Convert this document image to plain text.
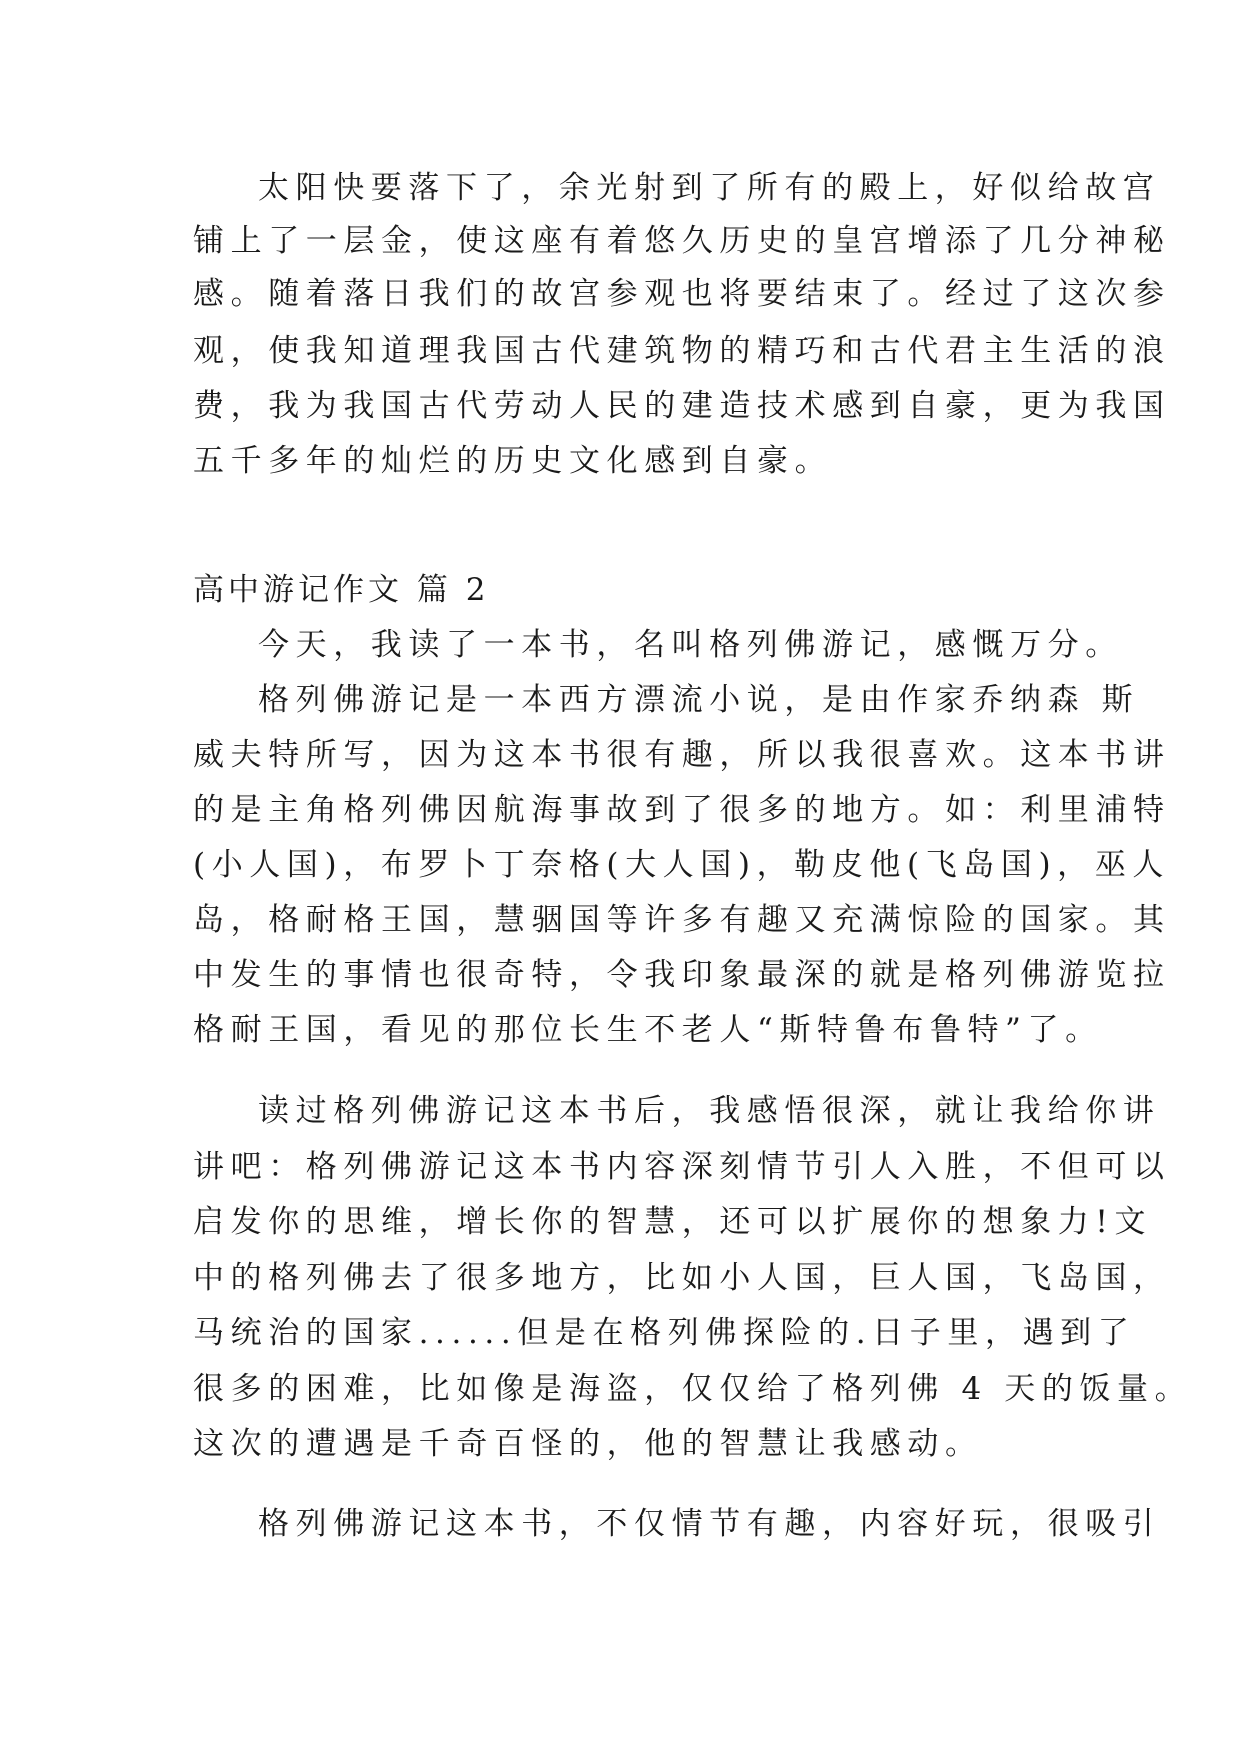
太阳快要落下了，余光射到了所有的殿上，好似给故宫
铺上了一层金，使这座有着悠久历史的皇宫增添了几分神秘
感。随着落日我们的故宫参观也将要结束了。经过了这次参
观，使我知道理我国古代建筑物的精巧和古代君主生活的浪
费，我为我国古代劳动人民的建造技术感到自豪，更为我国
五千多年的灿烂的历史文化感到自豪。
高中游记作文 篇 2
今天，我读了一本书，名叫格列佛游记，感慨万分。
格列佛游记是一本西方漂流小说，是由作家乔纳森 斯
威夫特所写，因为这本书很有趣，所以我很喜欢。这本书讲
的是主角格列佛因航海事故到了很多的地方。如：利里浦特
(小人国)，布罗卜丁奈格(大人国)，勒皮他(飞岛国)，巫人
岛，格耐格王国，慧骃国等许多有趣又充满惊险的国家。其
中发生的事情也很奇特，令我印象最深的就是格列佛游览拉
格耐王国，看见的那位长生不老人“斯特鲁布鲁特”了。
读过格列佛游记这本书后，我感悟很深，就让我给你讲
讲吧：格列佛游记这本书内容深刻情节引人入胜，不但可以
启发你的思维，增长你的智慧，还可以扩展你的想象力!文
中的格列佛去了很多地方，比如小人国，巨人国，飞岛国，
马统治的国家......但是在格列佛探险的.日子里，遇到了
很多的困难，比如像是海盗，仅仅给了格列佛 4 天的饭量。
这次的遭遇是千奇百怪的，他的智慧让我感动。
格列佛游记这本书，不仅情节有趣，内容好玩，很吸引
